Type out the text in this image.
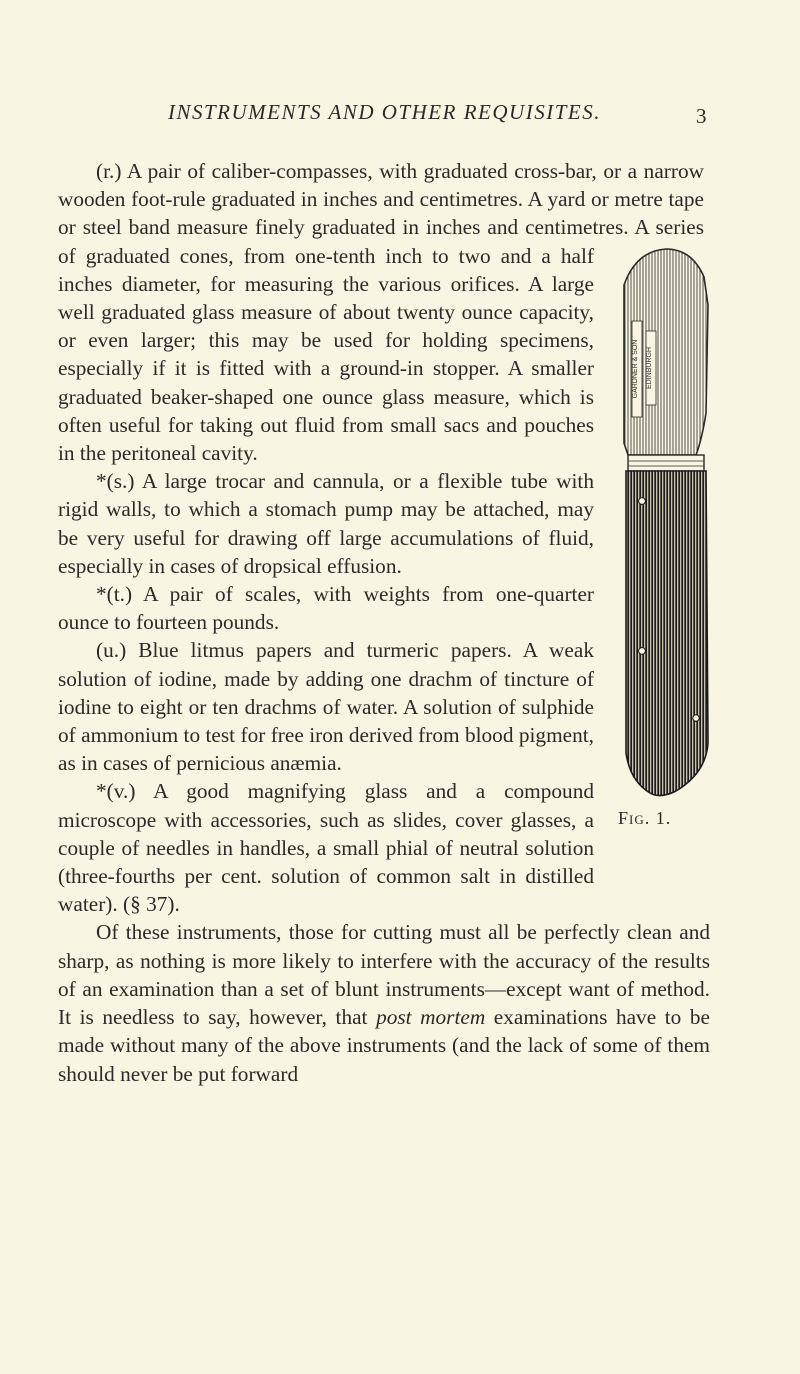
INSTRUMENTS AND OTHER REQUISITES.	3

(r.) A pair of caliber-compasses, with graduated cross-bar, or a narrow wooden foot-rule graduated in inches and centimetres. A yard or metre tape or steel band measure finely graduated in inches and centimetres. A series of graduated cones, from one-tenth inch to two and a half inches diameter, for measuring the various orifices. A large well graduated glass measure of about twenty ounce capacity, or even larger; this may be used for holding specimens, especially if it is fitted with a ground-in stopper. A smaller graduated beaker-shaped one ounce glass measure, which is often useful for taking out fluid from small sacs and pouches in the peritoneal cavity.

*(s.) A large trocar and cannula, or a flexible tube with rigid walls, to which a stomach pump may be attached, may be very useful for drawing off large accumulations of fluid, especially in cases of dropsical effusion.

*(t.) A pair of scales, with weights from one-quarter ounce to fourteen pounds.

(u.) Blue litmus papers and turmeric papers. A weak solution of iodine, made by adding one drachm of tincture of iodine to eight or ten drachms of water. A solution of sulphide of ammonium to test for free iron derived from blood pigment, as in cases of pernicious anæmia.

*(v.) A good magnifying glass and a compound microscope with accessories, such as slides, cover glasses, a couple of needles in handles, a small phial of neutral solution (three-fourths per cent. solution of common salt in distilled water). (§ 37).

Of these instruments, those for cutting must all be perfectly clean and sharp, as nothing is more likely to interfere with the accuracy of the results of an examination than a set of blunt instruments—except want of method. It is needless to say, however, that post mortem examinations have to be made without many of the above instruments (and the lack of some of them should never be put forward

GARDNER & SON EDINBURGH
Fig. 1.
